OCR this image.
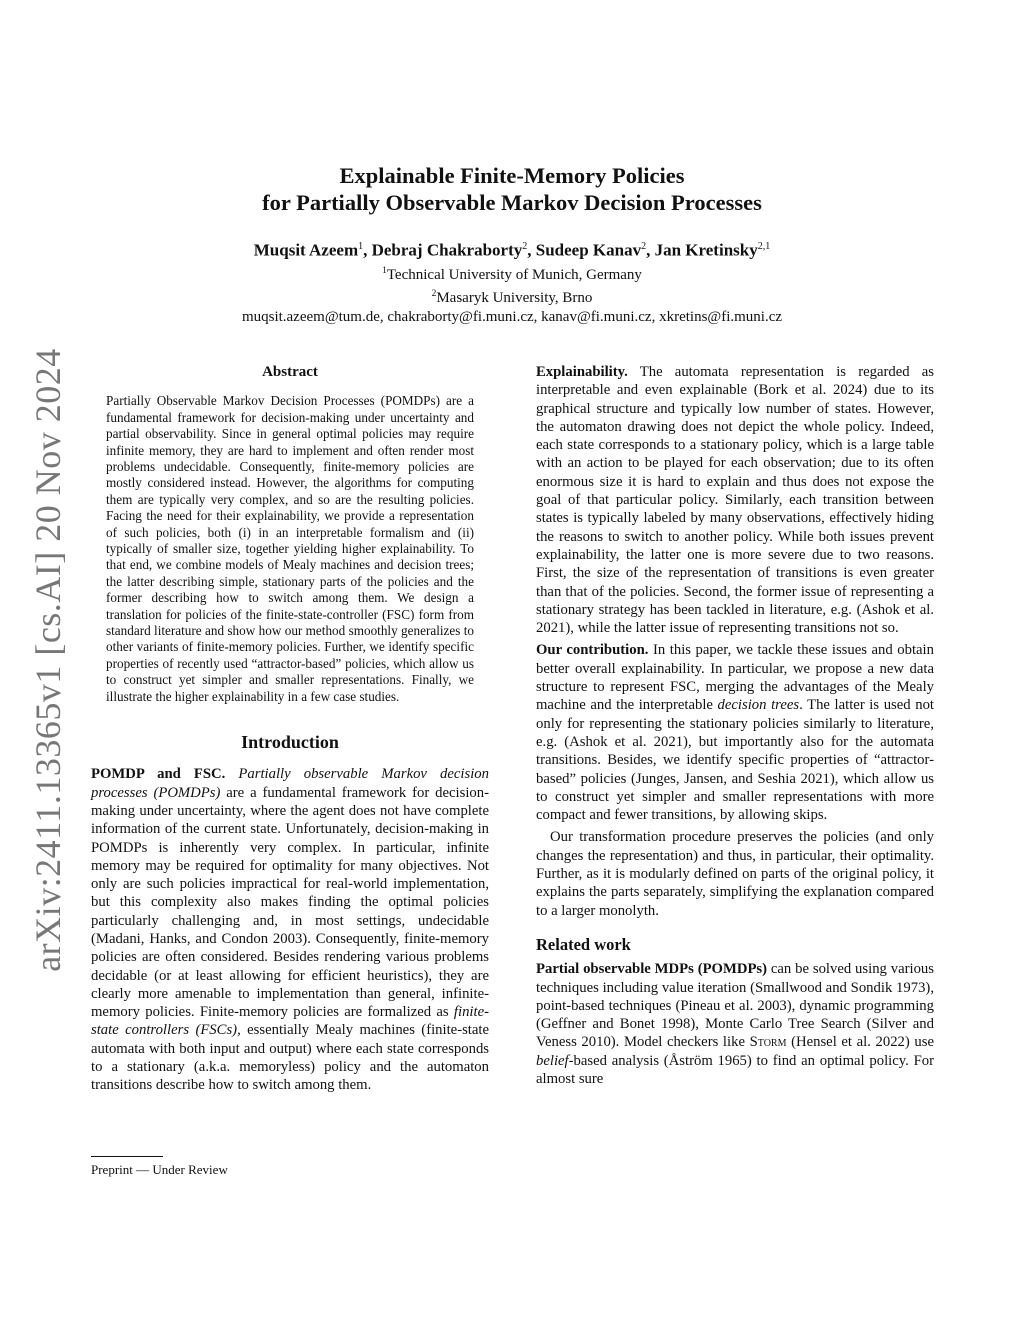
arXiv:2411.13365v1 [cs.AI] 20 Nov 2024
Explainable Finite-Memory Policies
for Partially Observable Markov Decision Processes
Muqsit Azeem$^1$, Debraj Chakraborty$^2$, Sudeep Kanav$^2$, Jan Kretinsky$^{2,1}$
$^1$Technical University of Munich, Germany
$^2$Masaryk University, Brno
muqsit.azeem@tum.de, chakraborty@fi.muni.cz, kanav@fi.muni.cz, xkretins@fi.muni.cz
Abstract

Partially Observable Markov Decision Processes (POMDPs) are a fundamental framework for decision-making under uncertainty and partial observability. Since in general optimal policies may require infinite memory, they are hard to implement and often render most problems undecidable. Consequently, finite-memory policies are mostly considered instead. However, the algorithms for computing them are typically very complex, and so are the resulting policies. Facing the need for their explainability, we provide a representation of such policies, both (i) in an interpretable formalism and (ii) typically of smaller size, together yielding higher explainability. To that end, we combine models of Mealy machines and decision trees; the latter describing simple, stationary parts of the policies and the former describing how to switch among them. We design a translation for policies of the finite-state-controller (FSC) form from standard literature and show how our method smoothly generalizes to other variants of finite-memory policies. Further, we identify specific properties of recently used “attractor-based” policies, which allow us to construct yet simpler and smaller representations. Finally, we illustrate the higher explainability in a few case studies.

Introduction

POMDP and FSC. Partially observable Markov decision processes (POMDPs) are a fundamental framework for decision-making under uncertainty, where the agent does not have complete information of the current state. Unfortunately, decision-making in POMDPs is inherently very complex. In particular, infinite memory may be required for optimality for many objectives. Not only are such policies impractical for real-world implementation, but this complexity also makes finding the optimal policies particularly challenging and, in most settings, undecidable (Madani, Hanks, and Condon 2003). Consequently, finite-memory policies are often considered. Besides rendering various problems decidable (or at least allowing for efficient heuristics), they are clearly more amenable to implementation than general, infinite-memory policies. Finite-memory policies are formalized as finite-state controllers (FSCs), essentially Mealy machines (finite-state automata with both input and output) where each state corresponds to a stationary (a.k.a. memoryless) policy and the automaton transitions describe how to switch among them.

Explainability. The automata representation is regarded as interpretable and even explainable (Bork et al. 2024) due to its graphical structure and typically low number of states. However, the automaton drawing does not depict the whole policy. Indeed, each state corresponds to a stationary policy, which is a large table with an action to be played for each observation; due to its often enormous size it is hard to explain and thus does not expose the goal of that particular policy. Similarly, each transition between states is typically labeled by many observations, effectively hiding the reasons to switch to another policy. While both issues prevent explainability, the latter one is more severe due to two reasons. First, the size of the representation of transitions is even greater than that of the policies. Second, the former issue of representing a stationary strategy has been tackled in literature, e.g. (Ashok et al. 2021), while the latter issue of representing transitions not so.

Our contribution. In this paper, we tackle these issues and obtain better overall explainability. In particular, we propose a new data structure to represent FSC, merging the advantages of the Mealy machine and the interpretable decision trees. The latter is used not only for representing the stationary policies similarly to literature, e.g. (Ashok et al. 2021), but importantly also for the automata transitions. Besides, we identify specific properties of “attractor-based” policies (Junges, Jansen, and Seshia 2021), which allow us to construct yet simpler and smaller representations with more compact and fewer transitions, by allowing skips.

Our transformation procedure preserves the policies (and only changes the representation) and thus, in particular, their optimality. Further, as it is modularly defined on parts of the original policy, it explains the parts separately, simplifying the explanation compared to a larger monolyth.

Related work

Partial observable MDPs (POMDPs) can be solved using various techniques including value iteration (Smallwood and Sondik 1973), point-based techniques (Pineau et al. 2003), dynamic programming (Geffner and Bonet 1998), Monte Carlo Tree Search (Silver and Veness 2010). Model checkers like Storm (Hensel et al. 2022) use belief-based analysis (Åström 1965) to find an optimal policy. For almost sure

Preprint — Under Review
